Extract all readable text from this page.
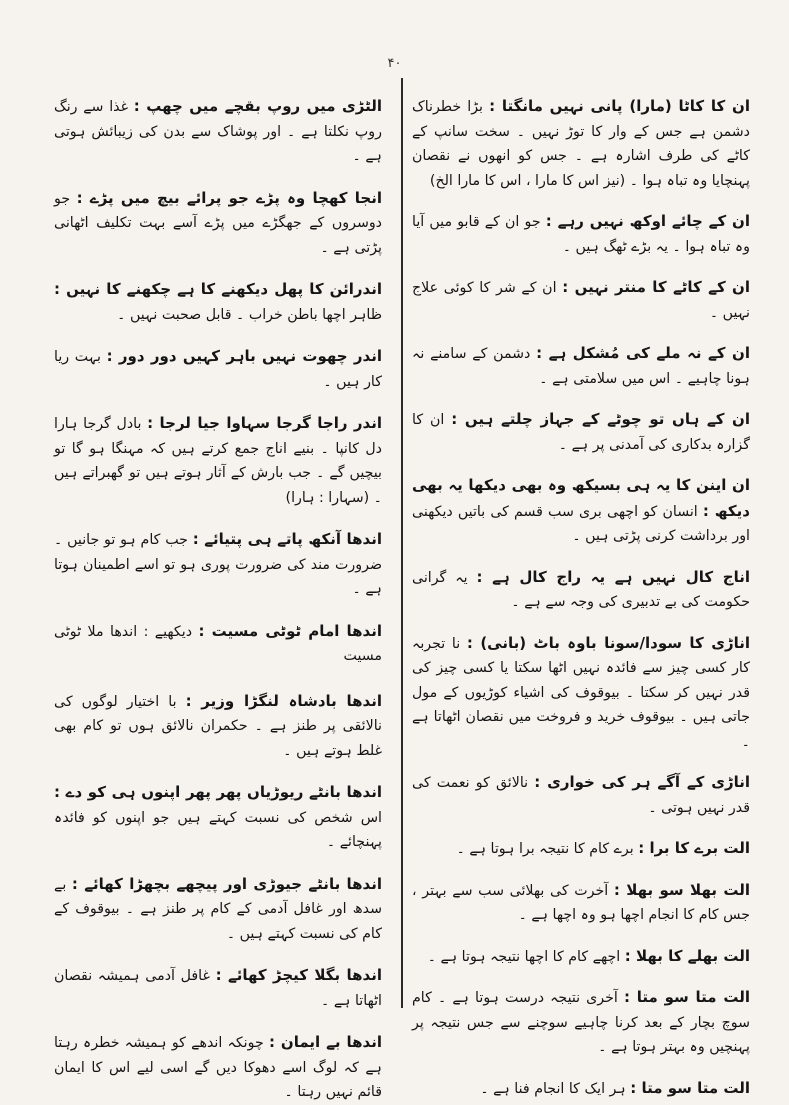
۴۰

ان کا کاٹا (مارا) پانی نہیں مانگتا : بڑا خطرناک دشمن ہے جس کے وار کا توڑ نہیں ۔ سخت سانپ کے کاٹے کی طرف اشارہ ہے ۔ جس کو انھوں نے نقصان پہنچایا وہ تباہ ہوا ۔ (نیز اس کا مارا ، اس کا مارا الخ)

ان کے چائے اوکھ نہیں رہے : جو ان کے قابو میں آیا وہ تباہ ہوا ۔ یہ بڑے ٹھگ ہیں ۔

ان کے کاٹے کا منتر نہیں : ان کے شر کا کوئی علاج نہیں ۔

ان کے نہ ملے کی مُشکل ہے : دشمن کے سامنے نہ ہونا چاہیے ۔ اس میں سلامتی ہے ۔

ان کے ہاں تو چوٹے کے جہاز چلتے ہیں : ان کا گزارہ بدکاری کی آمدنی پر ہے ۔

ان اینن کا یہ ہی بسیکھ وہ بھی دیکھا یہ بھی دیکھ : انسان کو اچھی بری سب قسم کی باتیں دیکھنی اور برداشت کرنی پڑتی ہیں ۔

اناج کال نہیں ہے یہ راج کال ہے : یہ گرانی حکومت کی بے تدبیری کی وجہ سے ہے ۔

اناڑی کا سودا/سونا باوہ باٹ (بانی) : نا تجربہ کار کسی چیز سے فائدہ نہیں اٹھا سکتا یا کسی چیز کی قدر نہیں کر سکتا ۔ بیوقوف کی اشیاء کوڑیوں کے مول جاتی ہیں ۔ بیوقوف خرید و فروخت میں نقصان اٹھاتا ہے ۔

اناڑی کے آگے ہر کی خواری : نالائق کو نعمت کی قدر نہیں ہوتی ۔

الت برے کا برا : برے کام کا نتیجہ برا ہوتا ہے ۔

الت بھلا سو بھلا : آخرت کی بھلائی سب سے بہتر ، جس کام کا انجام اچھا ہو وہ اچھا ہے ۔

الت بھلے کا بھلا : اچھے کام کا اچھا نتیجہ ہوتا ہے ۔

الت متا سو متا : آخری نتیجہ درست ہوتا ہے ۔ کام سوچ بچار کے بعد کرنا چاہیے سوچنے سے جس نتیجہ پر پہنچیں وہ بہتر ہوتا ہے ۔

الت متا سو متا : ہر ایک کا انجام فنا ہے ۔

الٹڑی میں روپ بقچے میں چھپ : غذا سے رنگ روپ نکلتا ہے ۔ اور پوشاک سے بدن کی زیبائش ہوتی ہے ۔

انجا کھچا وہ پڑے جو پرائے بیچ میں پڑے : جو دوسروں کے جھگڑے میں پڑے آسے بہت تکلیف اٹھانی پڑتی ہے ۔

اندرائن کا پھل دیکھنے کا ہے چکھنے کا نہیں : ظاہر اچھا باطن خراب ۔ قابل صحبت نہیں ۔

اندر چھوت نہیں باہر کہیں دور دور : بہت ریا کار ہیں ۔

اندر راجا گرجا سہاوا جیا لرجا : بادل گرجا ہارا دل کانپا ۔ بنیے اناج جمع کرتے ہیں کہ مہنگا ہو گا تو بیچیں گے ۔ جب بارش کے آثار ہوتے ہیں تو گھبراتے ہیں ۔ (سہارا : ہارا)

اندھا آنکھ پاتے ہی پتیائے : جب کام ہو تو جانیں ۔ ضرورت مند کی ضرورت پوری ہو تو اسے اطمینان ہوتا ہے ۔

اندھا امام ٹوٹی مسیت : دیکھیے : اندھا ملا ٹوٹی مسیت

اندھا بادشاہ لنگڑا وزیر : با اختیار لوگوں کی نالائقی پر طنز ہے ۔ حکمران نالائق ہوں تو کام بھی غلط ہوتے ہیں ۔

اندھا بانٹے ریوڑیاں پھر پھر اپنوں ہی کو دے : اس شخص کی نسبت کہتے ہیں جو اپنوں کو فائدہ پہنچائے ۔

اندھا بانٹے جیوڑی اور پیچھے بچھڑا کھائے : بے سدھ اور غافل آدمی کے کام پر طنز ہے ۔ بیوقوف کے کام کی نسبت کہتے ہیں ۔

اندھا بگلا کیچڑ کھائے : غافل آدمی ہمیشہ نقصان اٹھاتا ہے ۔

اندھا بے ایمان : چونکہ اندھے کو ہمیشہ خطرہ رہتا ہے کہ لوگ اسے دھوکا دیں گے اسی لیے اس کا ایمان قائم نہیں رہتا ۔
